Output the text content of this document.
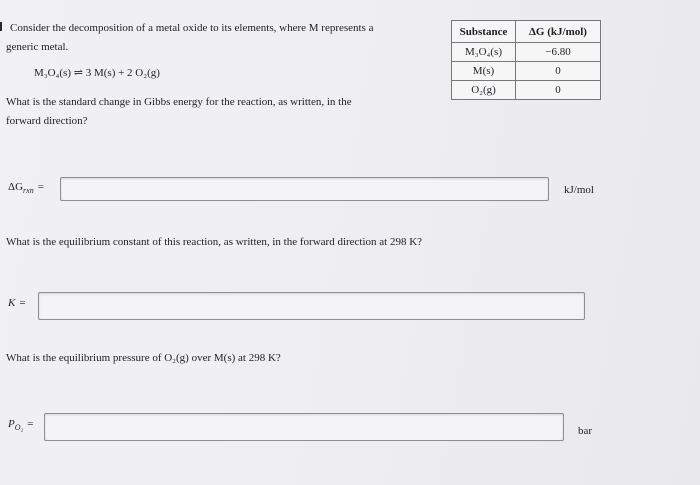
Consider the decomposition of a metal oxide to its elements, where M represents a generic metal.
M₃O₄(s) ⇌ 3 M(s) + 2 O₂(g)
What is the standard change in Gibbs energy for the reaction, as written, in the forward direction?
$\Delta G_{rxn}$ =	kJ/mol
What is the equilibrium constant of this reaction, as written, in the forward direction at 298 K?
K =
What is the equilibrium pressure of O₂(g) over M(s) at 298 K?
$P_{O_2}$ =
bar
Substance	ΔG (kJ/mol)
M₃O₄(s)	−6.80
M(s)	0
O₂(g)	0
